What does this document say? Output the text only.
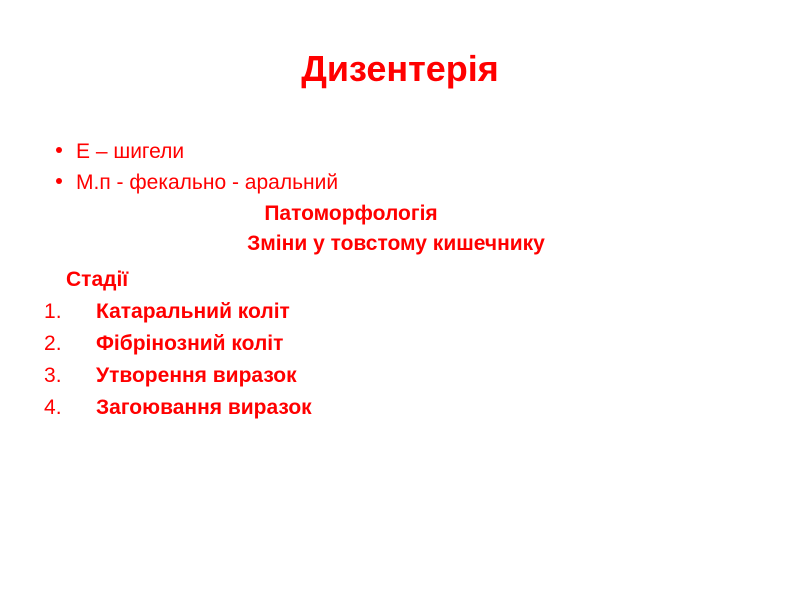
Дизентерія
Е – шигели
М.п - фекально - аральний
Патоморфологія
Зміни у товстому кишечнику
Стадії
Катаральний коліт
Фібрінозний коліт
Утворення виразок
Загоювання виразок
